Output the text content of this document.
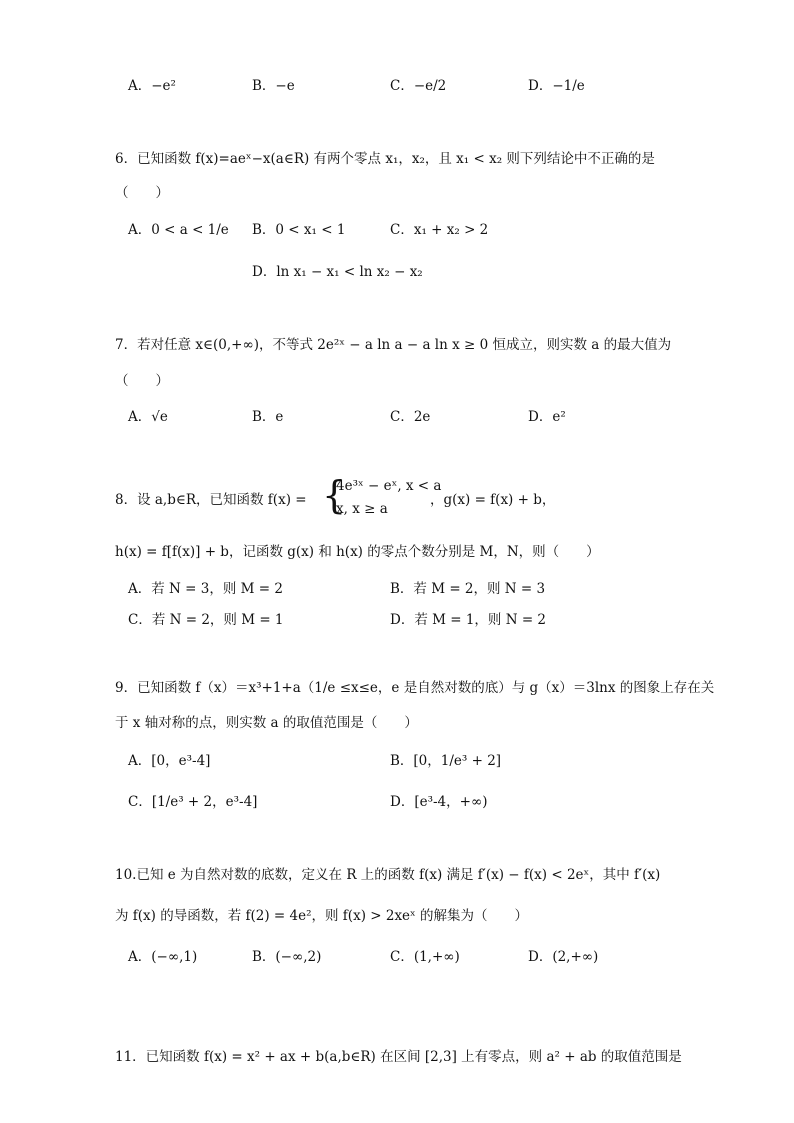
A．−e²	B．−e	C．−e/2	D．−1/e
6．已知函数 f(x)=aeˣ−x(a∈R) 有两个零点 x₁，x₂，且 x₁ < x₂ 则下列结论中不正确的是
（　　）
A．0 < a < 1/e B．0 < x₁ < 1	C．x₁ + x₂ > 2
D．ln x₁ − x₁ < ln x₂ − x₂
7．若对任意 x∈(0,+∞)，不等式 2e²ˣ − a ln a − a ln x ≥ 0 恒成立，则实数 a 的最大值为
（　　）
A．√e	B．e	C．2e	D．e²
8．设 a,b∈R，已知函数 f(x) = {
4e³ˣ − eˣ, x < a
x, x ≥ a
，g(x) = f(x) + b，
h(x) = f[f(x)] + b，记函数 g(x) 和 h(x) 的零点个数分别是 M，N，则（　　）
A．若 N = 3，则 M = 2	B．若 M = 2，则 N = 3
C．若 N = 2，则 M = 1	D．若 M = 1，则 N = 2
9．已知函数 f（x）＝x³+1+a（1/e ≤x≤e，e 是自然对数的底）与 g（x）＝3lnx 的图象上存在关
于 x 轴对称的点，则实数 a 的取值范围是（　　）
A．[0，e³-4]	B．[0，1/e³ + 2]
C．[1/e³ + 2，e³-4]	D．[e³-4，+∞)
10.已知 e 为自然对数的底数，定义在 R 上的函数 f(x) 满足 f′(x) − f(x) < 2eˣ，其中 f′(x)
为 f(x) 的导函数，若 f(2) = 4e²，则 f(x) > 2xeˣ 的解集为（　　）
A．(−∞,1)	B．(−∞,2)	C．(1,+∞)	D．(2,+∞)
11．已知函数 f(x) = x² + ax + b(a,b∈R) 在区间 [2,3] 上有零点，则 a² + ab 的取值范围是
